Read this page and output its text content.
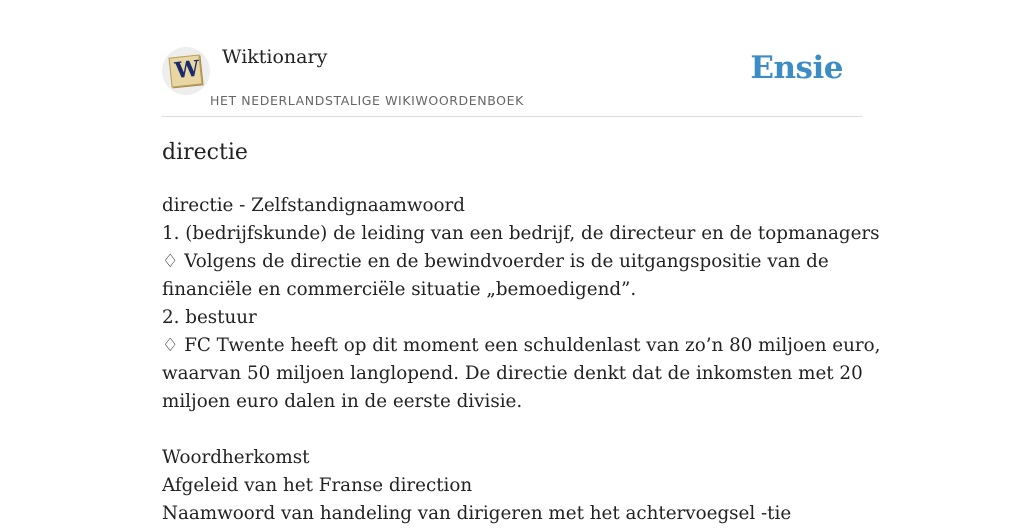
W Wiktionary
HET NEDERLANDSTALIGE WIKIWOORDENBOEK
Ensie
directie
directie - Zelfstandignaamwoord
1. (bedrijfskunde) de leiding van een bedrijf, de directeur en de topmanagers
♢ Volgens de directie en de bewindvoerder is de uitgangspositie van de
financiële en commerciële situatie „bemoedigend”.
2. bestuur
♢ FC Twente heeft op dit moment een schuldenlast van zo’n 80 miljoen euro,
waarvan 50 miljoen langlopend. De directie denkt dat de inkomsten met 20
miljoen euro dalen in de eerste divisie.
Woordherkomst
Afgeleid van het Franse direction
Naamwoord van handeling van dirigeren met het achtervoegsel -tie
